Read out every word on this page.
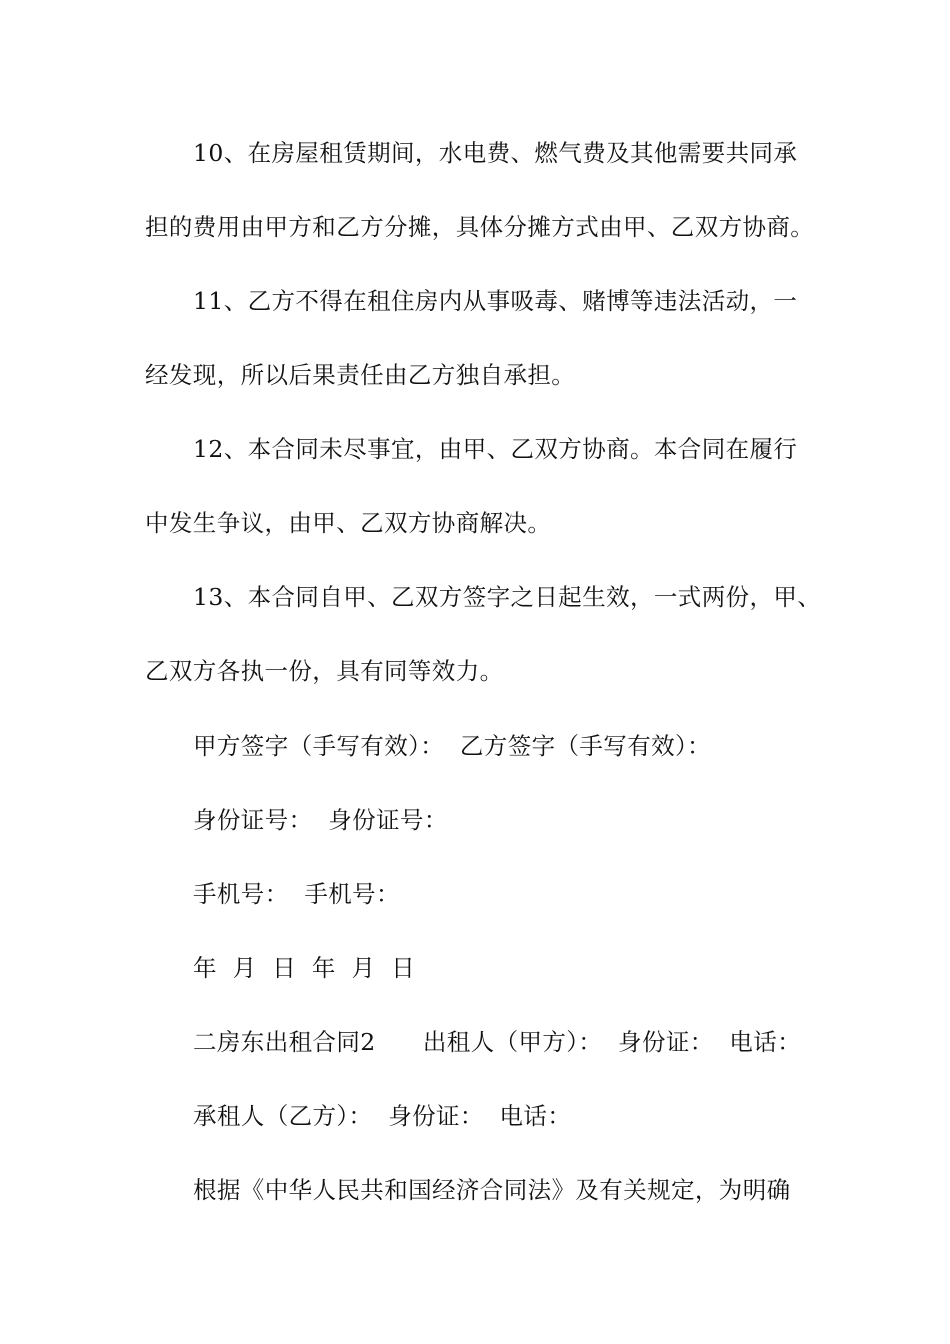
10、在房屋租赁期间，水电费、燃气费及其他需要共同承
担的费用由甲方和乙方分摊，具体分摊方式由甲、乙双方协商。
11、乙方不得在租住房内从事吸毒、赌博等违法活动，一
经发现，所以后果责任由乙方独自承担。
12、本合同未尽事宜，由甲、乙双方协商。本合同在履行
中发生争议，由甲、乙双方协商解决。
13、本合同自甲、乙双方签字之日起生效，一式两份，甲、
乙双方各执一份，具有同等效力。
甲方签字（手写有效）：  乙方签字（手写有效）：
身份证号：  身份证号：
手机号：  手机号：
年  月  日  年  月  日
二房东出租合同2      出租人（甲方）：  身份证：  电话：
承租人（乙方）：  身份证：  电话：
根据《中华人民共和国经济合同法》及有关规定，为明确
